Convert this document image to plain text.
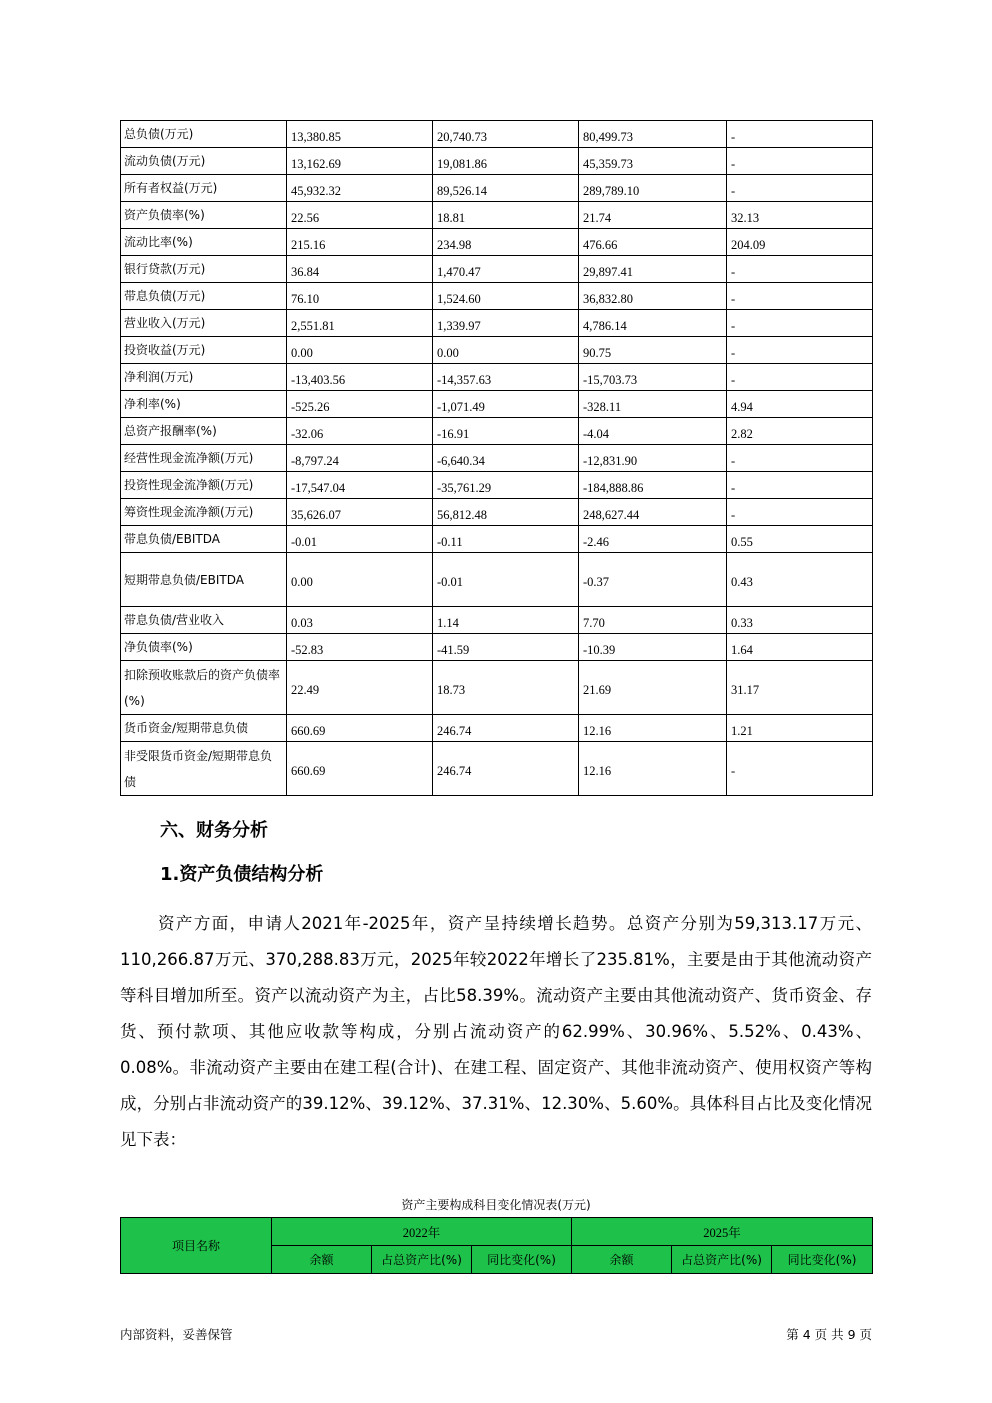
总负债(万元)	13,380.85	20,740.73	80,499.73	-
流动负债(万元)	13,162.69	19,081.86	45,359.73	-
所有者权益(万元)	45,932.32	89,526.14	289,789.10	-
资产负债率(%)	22.56	18.81	21.74	32.13
流动比率(%)	215.16	234.98	476.66	204.09
银行贷款(万元)	36.84	1,470.47	29,897.41	-
带息负债(万元)	76.10	1,524.60	36,832.80	-
营业收入(万元)	2,551.81	1,339.97	4,786.14	-
投资收益(万元)	0.00	0.00	90.75	-
净利润(万元)	-13,403.56	-14,357.63	-15,703.73	-
净利率(%)	-525.26	-1,071.49	-328.11	4.94
总资产报酬率(%)	-32.06	-16.91	-4.04	2.82
经营性现金流净额(万元)	-8,797.24	-6,640.34	-12,831.90	-
投资性现金流净额(万元)	-17,547.04	-35,761.29	-184,888.86	-
筹资性现金流净额(万元)	35,626.07	56,812.48	248,627.44	-
带息负债/EBITDA	-0.01	-0.11	-2.46	0.55
短期带息负债/EBITDA	0.00	-0.01	-0.37	0.43
带息负债/营业收入	0.03	1.14	7.70	0.33
净负债率(%)	-52.83	-41.59	-10.39	1.64
扣除预收账款后的资产负债率(%)	22.49	18.73	21.69	31.17
货币资金/短期带息负债	660.69	246.74	12.16	1.21
非受限货币资金/短期带息负债	660.69	246.74	12.16	-
六、财务分析
1.资产负债结构分析

资产方面，申请人2021年-2025年，资产呈持续增长趋势。总资产分别为59,313.17万元、110,266.87万元、370,288.83万元，2025年较2022年增长了235.81%，主要是由于其他流动资产等科目增加所至。资产以流动资产为主，占比58.39%。流动资产主要由其他流动资产、货币资金、存货、预付款项、其他应收款等构成，分别占流动资产的62.99%、30.96%、5.52%、0.43%、0.08%。非流动资产主要由在建工程(合计)、在建工程、固定资产、其他非流动资产、使用权资产等构成，分别占非流动资产的39.12%、39.12%、37.31%、12.30%、5.60%。具体科目占比及变化情况见下表：

资产主要构成科目变化情况表(万元)
项目名称	2022年			2025年		
	余额	占总资产比(%)	同比变化(%)	余额	占总资产比(%)	同比变化(%)
内部资料，妥善保管	第 4 页 共 9 页
